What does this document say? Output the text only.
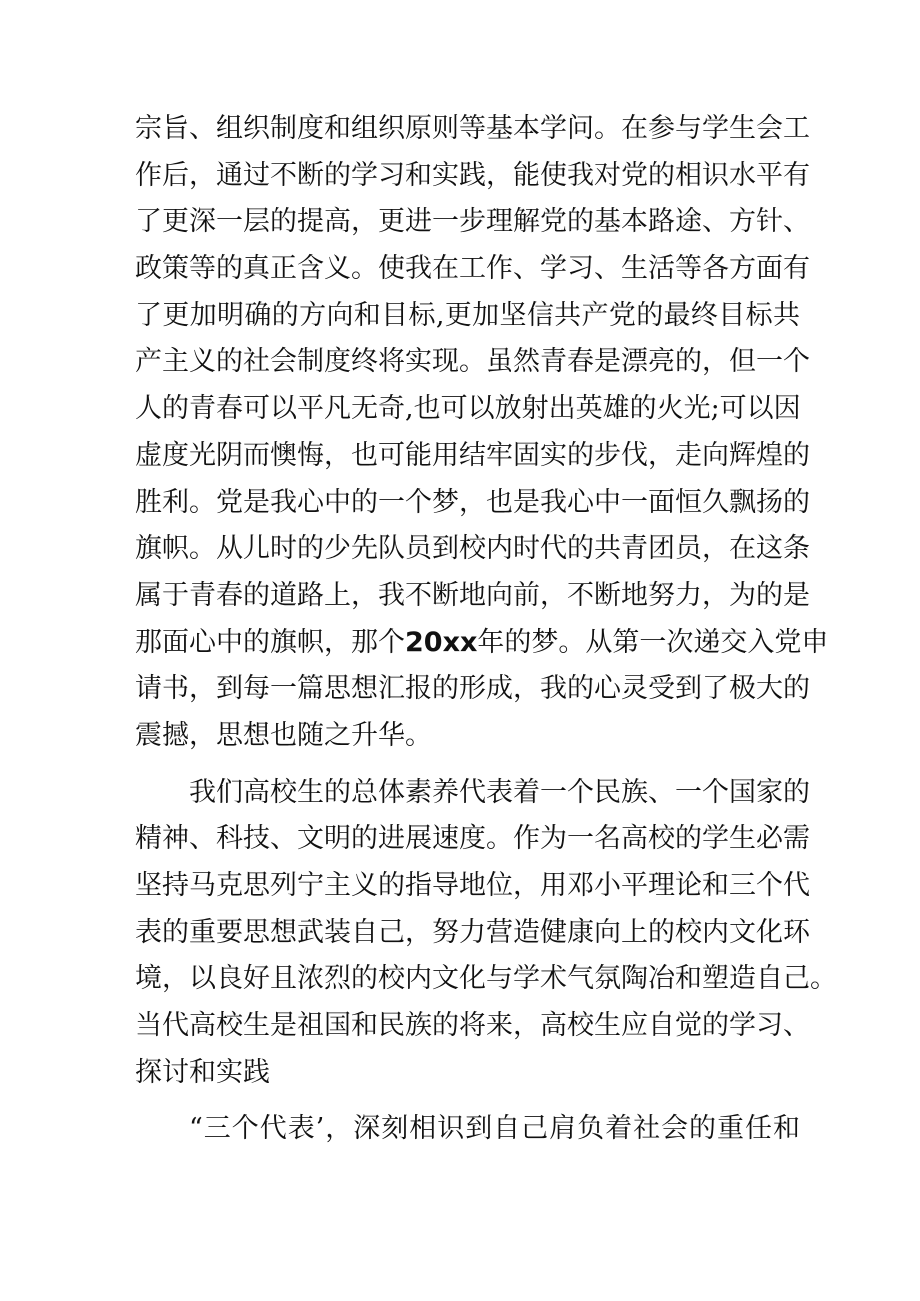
宗旨、组织制度和组织原则等基本学问。在参与学生会工
作后，通过不断的学习和实践，能使我对党的相识水平有
了更深一层的提高，更进一步理解党的基本路途、方针、
政策等的真正含义。使我在工作、学习、生活等各方面有
了更加明确的方向和目标,更加坚信共产党的最终目标共
产主义的社会制度终将实现。虽然青春是漂亮的，但一个
人的青春可以平凡无奇,也可以放射出英雄的火光;可以因
虚度光阴而懊悔，也可能用结牢固实的步伐，走向辉煌的
胜利。党是我心中的一个梦，也是我心中一面恒久飘扬的
旗帜。从儿时的少先队员到校内时代的共青团员，在这条
属于青春的道路上，我不断地向前，不断地努力，为的是
那面心中的旗帜，那个20xx年的梦。从第一次递交入党申
请书，到每一篇思想汇报的形成，我的心灵受到了极大的
震撼，思想也随之升华。
我们高校生的总体素养代表着一个民族、一个国家的
精神、科技、文明的进展速度。作为一名高校的学生必需
坚持马克思列宁主义的指导地位，用邓小平理论和三个代
表的重要思想武装自己，努力营造健康向上的校内文化环
境，以良好且浓烈的校内文化与学术气氛陶冶和塑造自己。
当代高校生是祖国和民族的将来，高校生应自觉的学习、
探讨和实践
“三个代表’，深刻相识到自己肩负着社会的重任和
